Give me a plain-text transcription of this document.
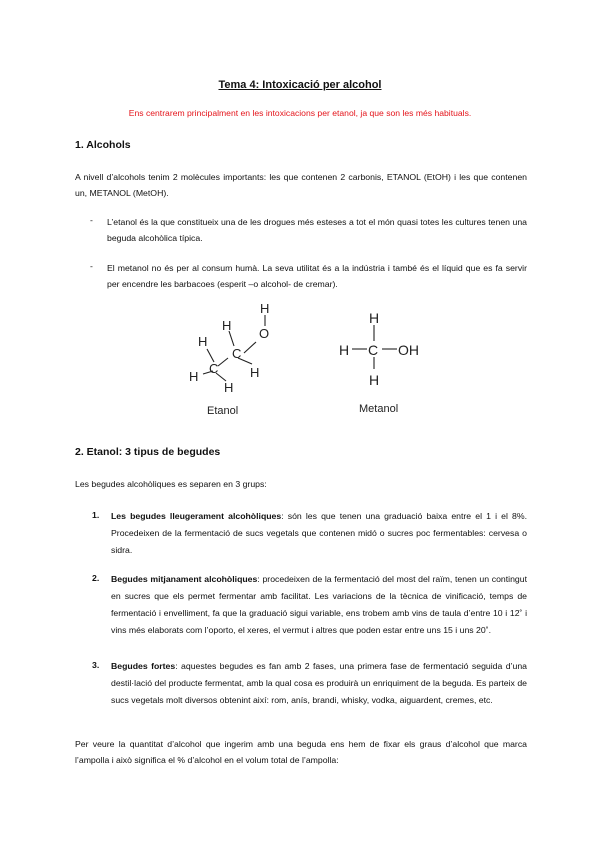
Tema 4: Intoxicació per alcohol
Ens centrarem principalment en les intoxicacions per etanol, ja que son les més habituals.
1. Alcohols
A nivell d’alcohols tenim 2 molècules importants: les que contenen 2 carbonis, ETANOL (EtOH) i les que contenen un, METANOL (MetOH).
- L’etanol és la que constitueix una de les drogues més esteses a tot el món quasi totes les cultures tenen una beguda alcohòlica típica.
- El metanol no és per al consum humà. La seva utilitat és a la indústria i també és el líquid que es fa servir per encendre les barbacoes (esperit –o alcohol- de cremar).
H
O
H
H
C
C H
H
H
Etanol
H
H C OH
H
Metanol
2. Etanol: 3 tipus de begudes
Les begudes alcohòliques es separen en 3 grups:
1. Les begudes lleugerament alcohòliques: són les que tenen una graduació baixa entre el 1 i el 8%. Procedeixen de la fermentació de sucs vegetals que contenen midó o sucres poc fermentables: cervesa o sidra.
2. Begudes mitjanament alcohòliques: procedeixen de la fermentació del most del raïm, tenen un contingut en sucres que els permet fermentar amb facilitat. Les variacions de la tècnica de vinificació, temps de fermentació i envelliment, fa que la graduació sigui variable, ens trobem amb vins de taula d’entre 10 i 12˚ i vins més elaborats com l’oporto, el xeres, el vermut i altres que poden estar entre uns 15 i uns 20˚.
3. Begudes fortes: aquestes begudes es fan amb 2 fases, una primera fase de fermentació seguida d’una destil·lació del producte fermentat, amb la qual cosa es produirà un enriquiment de la beguda. Es parteix de sucs vegetals molt diversos obtenint així: rom, anís, brandi, whisky, vodka, aiguardent, cremes, etc.
Per veure la quantitat d’alcohol que ingerim amb una beguda ens hem de fixar els graus d’alcohol que marca l’ampolla i això significa el % d’alcohol en el volum total de l’ampolla:
